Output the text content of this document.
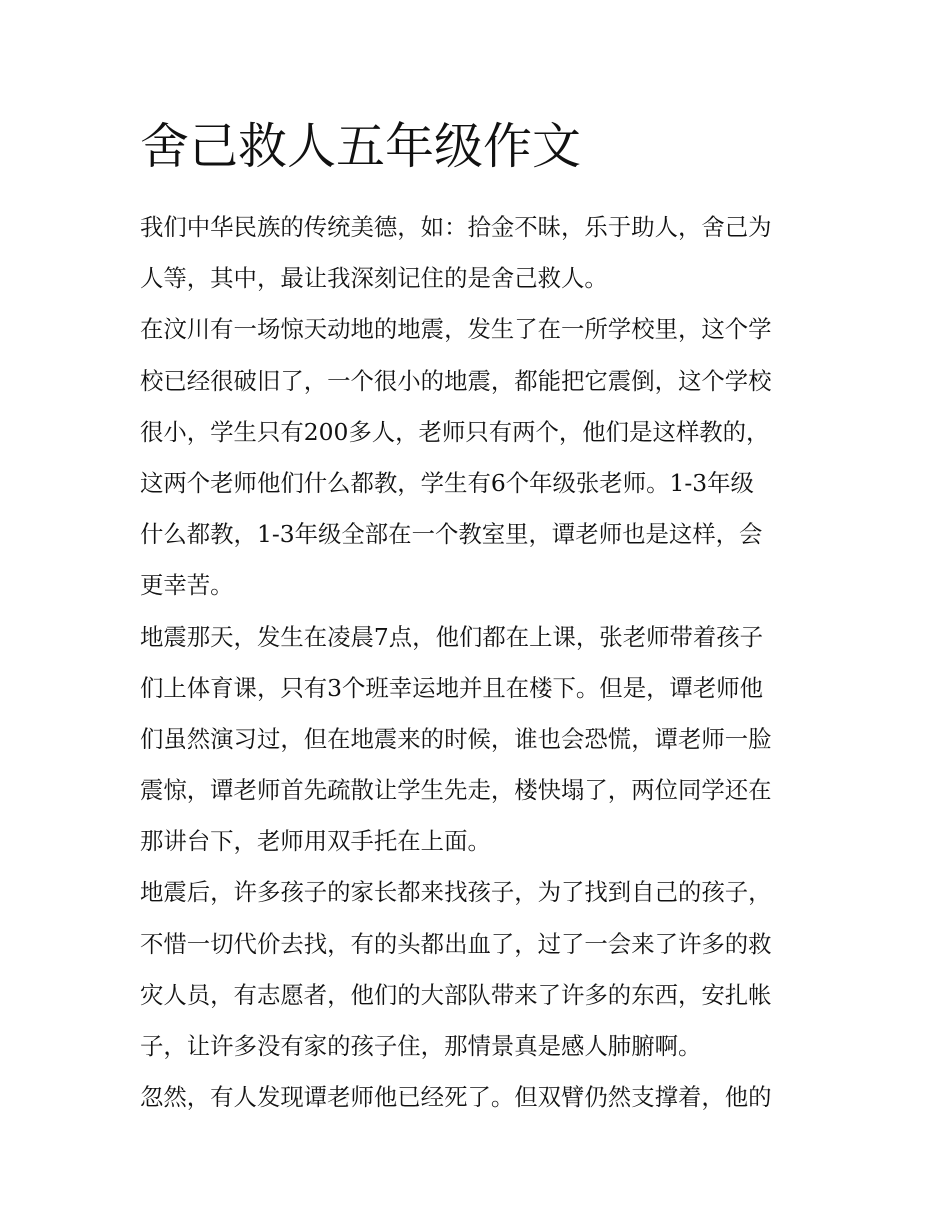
舍己救人五年级作文
我们中华民族的传统美德，如：拾金不昧，乐于助人，舍己为
人等，其中，最让我深刻记住的是舍己救人。
在汶川有一场惊天动地的地震，发生了在一所学校里，这个学
校已经很破旧了，一个很小的地震，都能把它震倒，这个学校
很小，学生只有200多人，老师只有两个，他们是这样教的，
这两个老师他们什么都教，学生有6个年级张老师。1-3年级
什么都教，1-3年级全部在一个教室里，谭老师也是这样，会
更幸苦。
地震那天，发生在凌晨7点，他们都在上课，张老师带着孩子
们上体育课，只有3个班幸运地并且在楼下。但是，谭老师他
们虽然演习过，但在地震来的时候，谁也会恐慌，谭老师一脸
震惊，谭老师首先疏散让学生先走，楼快塌了，两位同学还在
那讲台下，老师用双手托在上面。
地震后，许多孩子的家长都来找孩子，为了找到自己的孩子，
不惜一切代价去找，有的头都出血了，过了一会来了许多的救
灾人员，有志愿者，他们的大部队带来了许多的东西，安扎帐
子，让许多没有家的孩子住，那情景真是感人肺腑啊。
忽然，有人发现谭老师他已经死了。但双臂仍然支撑着，他的
